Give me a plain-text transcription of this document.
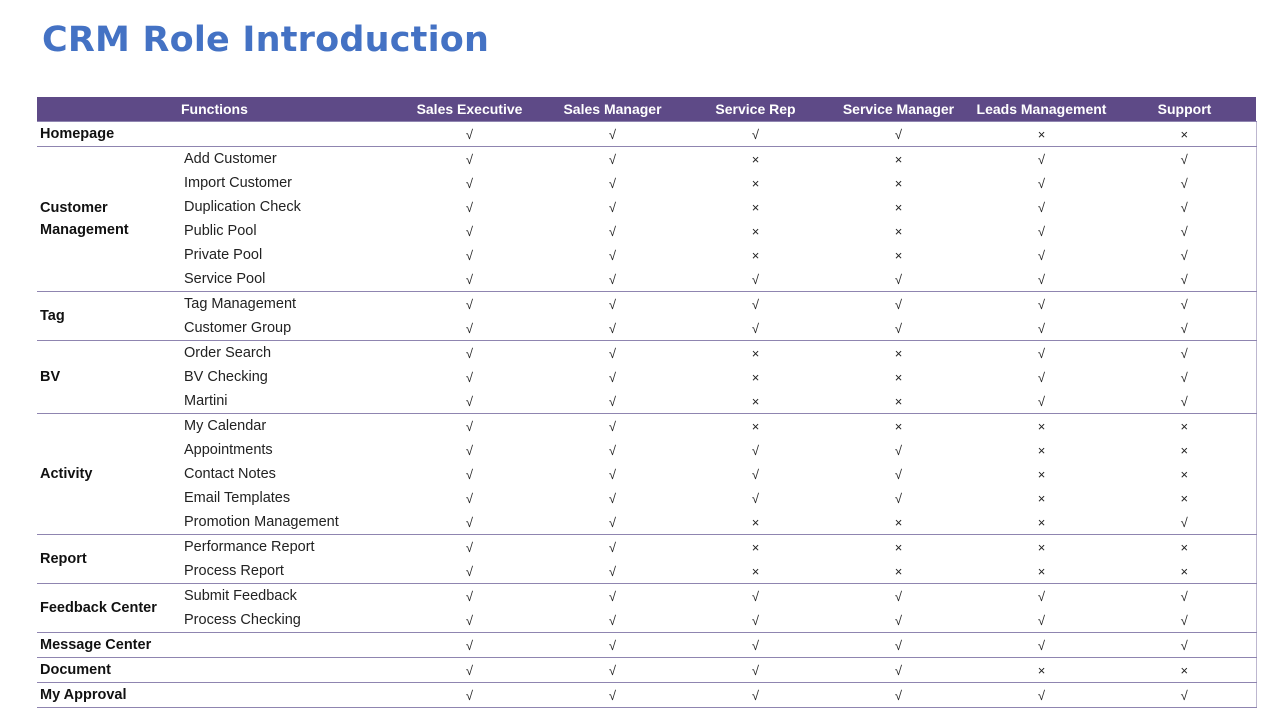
CRM Role Introduction
	Functions	Sales Executive	Sales Manager	Service Rep	Service Manager	Leads Management	Support
Homepage		√	√	√	√	×	×
Customer
Management	Add Customer	√	√	×	×	√	√
	Import Customer	√	√	×	×	√	√
	Duplication Check	√	√	×	×	√	√
	Public Pool	√	√	×	×	√	√
	Private Pool	√	√	×	×	√	√
	Service Pool	√	√	√	√	√	√
Tag	Tag Management	√	√	√	√	√	√
	Customer Group	√	√	√	√	√	√
BV	Order Search	√	√	×	×	√	√
	BV Checking	√	√	×	×	√	√
	Martini	√	√	×	×	√	√
Activity	My Calendar	√	√	×	×	×	×
	Appointments	√	√	√	√	×	×
	Contact Notes	√	√	√	√	×	×
	Email Templates	√	√	√	√	×	×
	Promotion Management	√	√	×	×	×	√
Report	Performance Report	√	√	×	×	×	×
	Process Report	√	√	×	×	×	×
Feedback Center	Submit Feedback	√	√	√	√	√	√
	Process Checking	√	√	√	√	√	√
Message Center		√	√	√	√	√	√
Document		√	√	√	√	×	×
My Approval		√	√	√	√	√	√
